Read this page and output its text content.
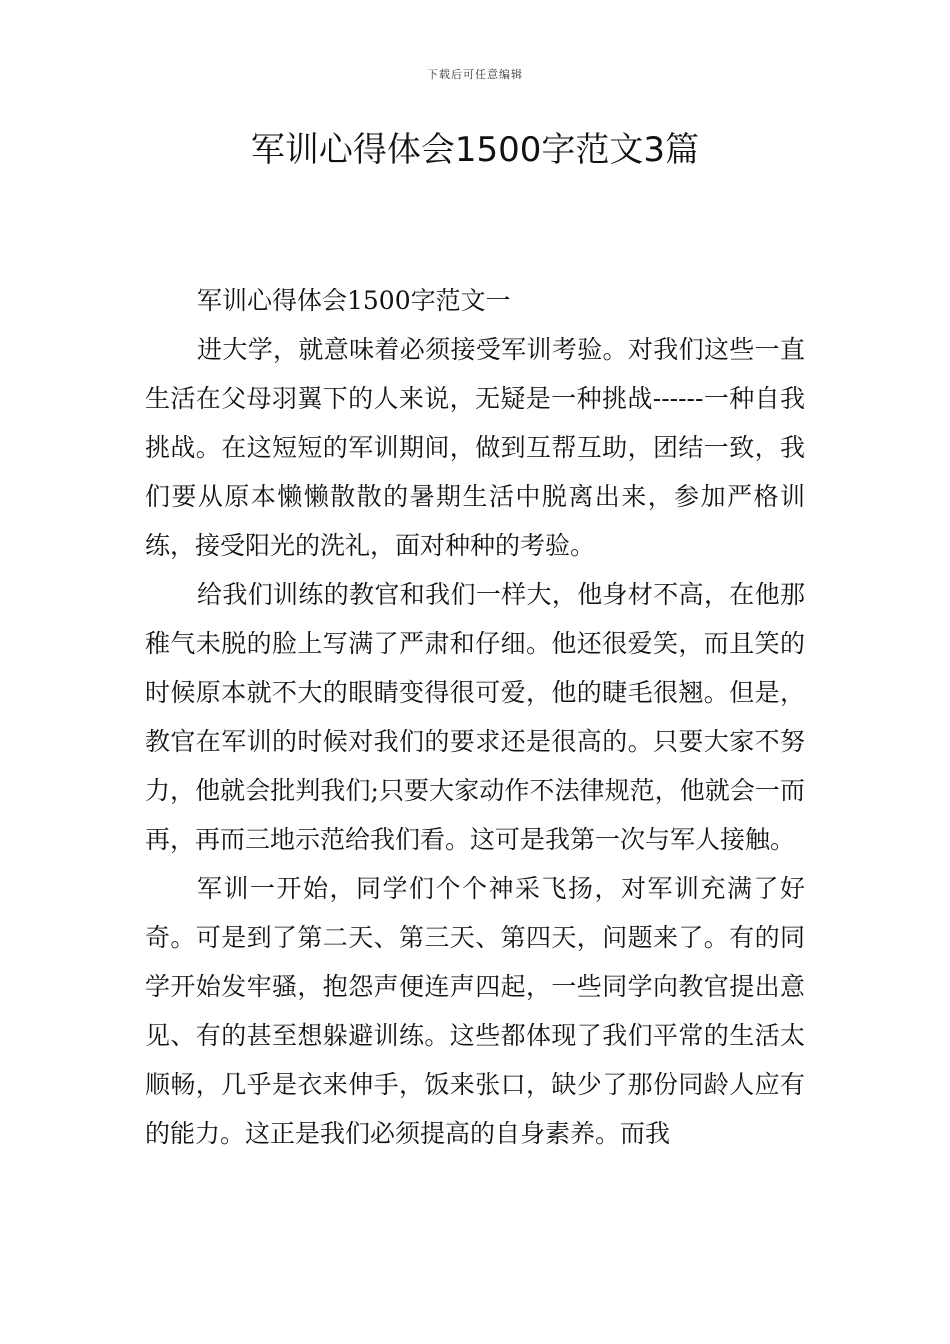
下载后可任意编辑
军训心得体会1500字范文3篇

军训心得体会1500字范文一

进大学，就意味着必须接受军训考验。对我们这些一直生活在父母羽翼下的人来说，无疑是一种挑战------一种自我挑战。在这短短的军训期间，做到互帮互助，团结一致，我们要从原本懒懒散散的暑期生活中脱离出来，参加严格训练，接受阳光的洗礼，面对种种的考验。

给我们训练的教官和我们一样大，他身材不高，在他那稚气未脱的脸上写满了严肃和仔细。他还很爱笑，而且笑的时候原本就不大的眼睛变得很可爱，他的睫毛很翘。但是，教官在军训的时候对我们的要求还是很高的。只要大家不努力，他就会批判我们;只要大家动作不法律规范，他就会一而再，再而三地示范给我们看。这可是我第一次与军人接触。

军训一开始，同学们个个神采飞扬，对军训充满了好奇。可是到了第二天、第三天、第四天，问题来了。有的同学开始发牢骚，抱怨声便连声四起，一些同学向教官提出意见、有的甚至想躲避训练。这些都体现了我们平常的生活太顺畅，几乎是衣来伸手，饭来张口，缺少了那份同龄人应有的能力。这正是我们必须提高的自身素养。而我
